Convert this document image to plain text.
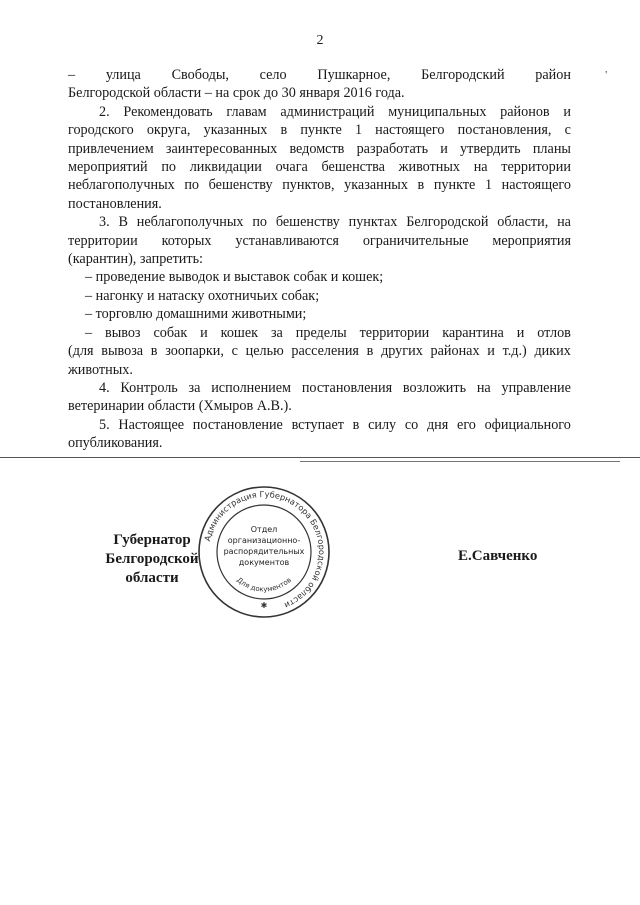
2
'
– улица Свободы, село Пушкарное, Белгородский район
Белгородской области – на срок до 30 января 2016 года.
2. Рекомендовать главам администраций муниципальных районов и
городского округа, указанных в пункте 1 настоящего постановления, с
привлечением заинтересованных ведомств разработать и утвердить планы
мероприятий по ликвидации очага бешенства животных на территории
неблагополучных по бешенству пунктов, указанных в пункте 1 настоящего
постановления.
3. В неблагополучных по бешенству пунктах Белгородской области, на
территории которых устанавливаются ограничительные мероприятия
(карантин), запретить:
– проведение выводок и выставок собак и кошек;
– нагонку и натаску охотничьих собак;
– торговлю домашними животными;
– вывоз собак и кошек за пределы территории карантина и отлов
(для вывоза в зоопарки, с целью расселения в других районах и т.д.) диких
животных.
4. Контроль за исполнением постановления возложить на управление
ветеринарии области (Хмыров А.В.).
5. Настоящее постановление вступает в силу со дня его официального
опубликования.
Губернатор
Белгородской области
Администрация Губернатора Белгородской области
Отдел
организационно-
распорядительных
документов
Для документов
✱
Е.Савченко
